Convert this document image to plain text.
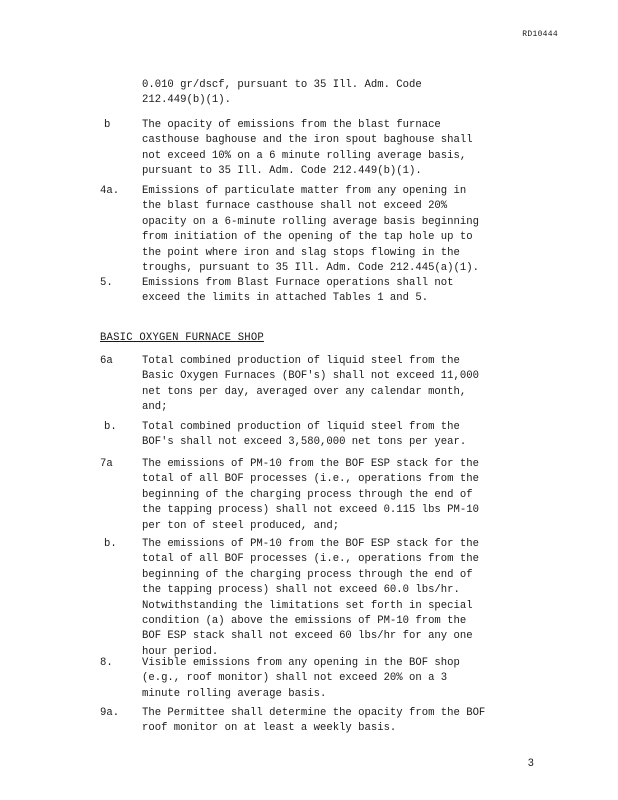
RD10444
0.010 gr/dscf, pursuant to 35 Ill. Adm. Code
212.449(b)(1).
b	The opacity of emissions from the blast furnace
casthouse baghouse and the iron spout baghouse shall
not exceed 10% on a 6 minute rolling average basis,
pursuant to 35 Ill. Adm. Code 212.449(b)(1).
4a.	Emissions of particulate matter from any opening in
the blast furnace casthouse shall not exceed 20%
opacity on a 6-minute rolling average basis beginning
from initiation of the opening of the tap hole up to
the point where iron and slag stops flowing in the
troughs, pursuant to 35 Ill. Adm. Code 212.445(a)(1).
5.	Emissions from Blast Furnace operations shall not
exceed the limits in attached Tables 1 and 5.
BASIC OXYGEN FURNACE SHOP
6a	Total combined production of liquid steel from the
Basic Oxygen Furnaces (BOF's) shall not exceed 11,000
net tons per day, averaged over any calendar month,
and;
b.	Total combined production of liquid steel from the
BOF's shall not exceed 3,580,000 net tons per year.
7a	The emissions of PM-10 from the BOF ESP stack for the
total of all BOF processes (i.e., operations from the
beginning of the charging process through the end of
the tapping process) shall not exceed 0.115 lbs PM-10
per ton of steel produced, and;
b.	The emissions of PM-10 from the BOF ESP stack for the
total of all BOF processes (i.e., operations from the
beginning of the charging process through the end of
the tapping process) shall not exceed 60.0 lbs/hr.
Notwithstanding the limitations set forth in special
condition (a) above the emissions of PM-10 from the
BOF ESP stack shall not exceed 60 lbs/hr for any one
hour period.
8.	Visible emissions from any opening in the BOF shop
(e.g., roof monitor) shall not exceed 20% on a 3
minute rolling average basis.
9a.	The Permittee shall determine the opacity from the BOF
roof monitor on at least a weekly basis.
3
